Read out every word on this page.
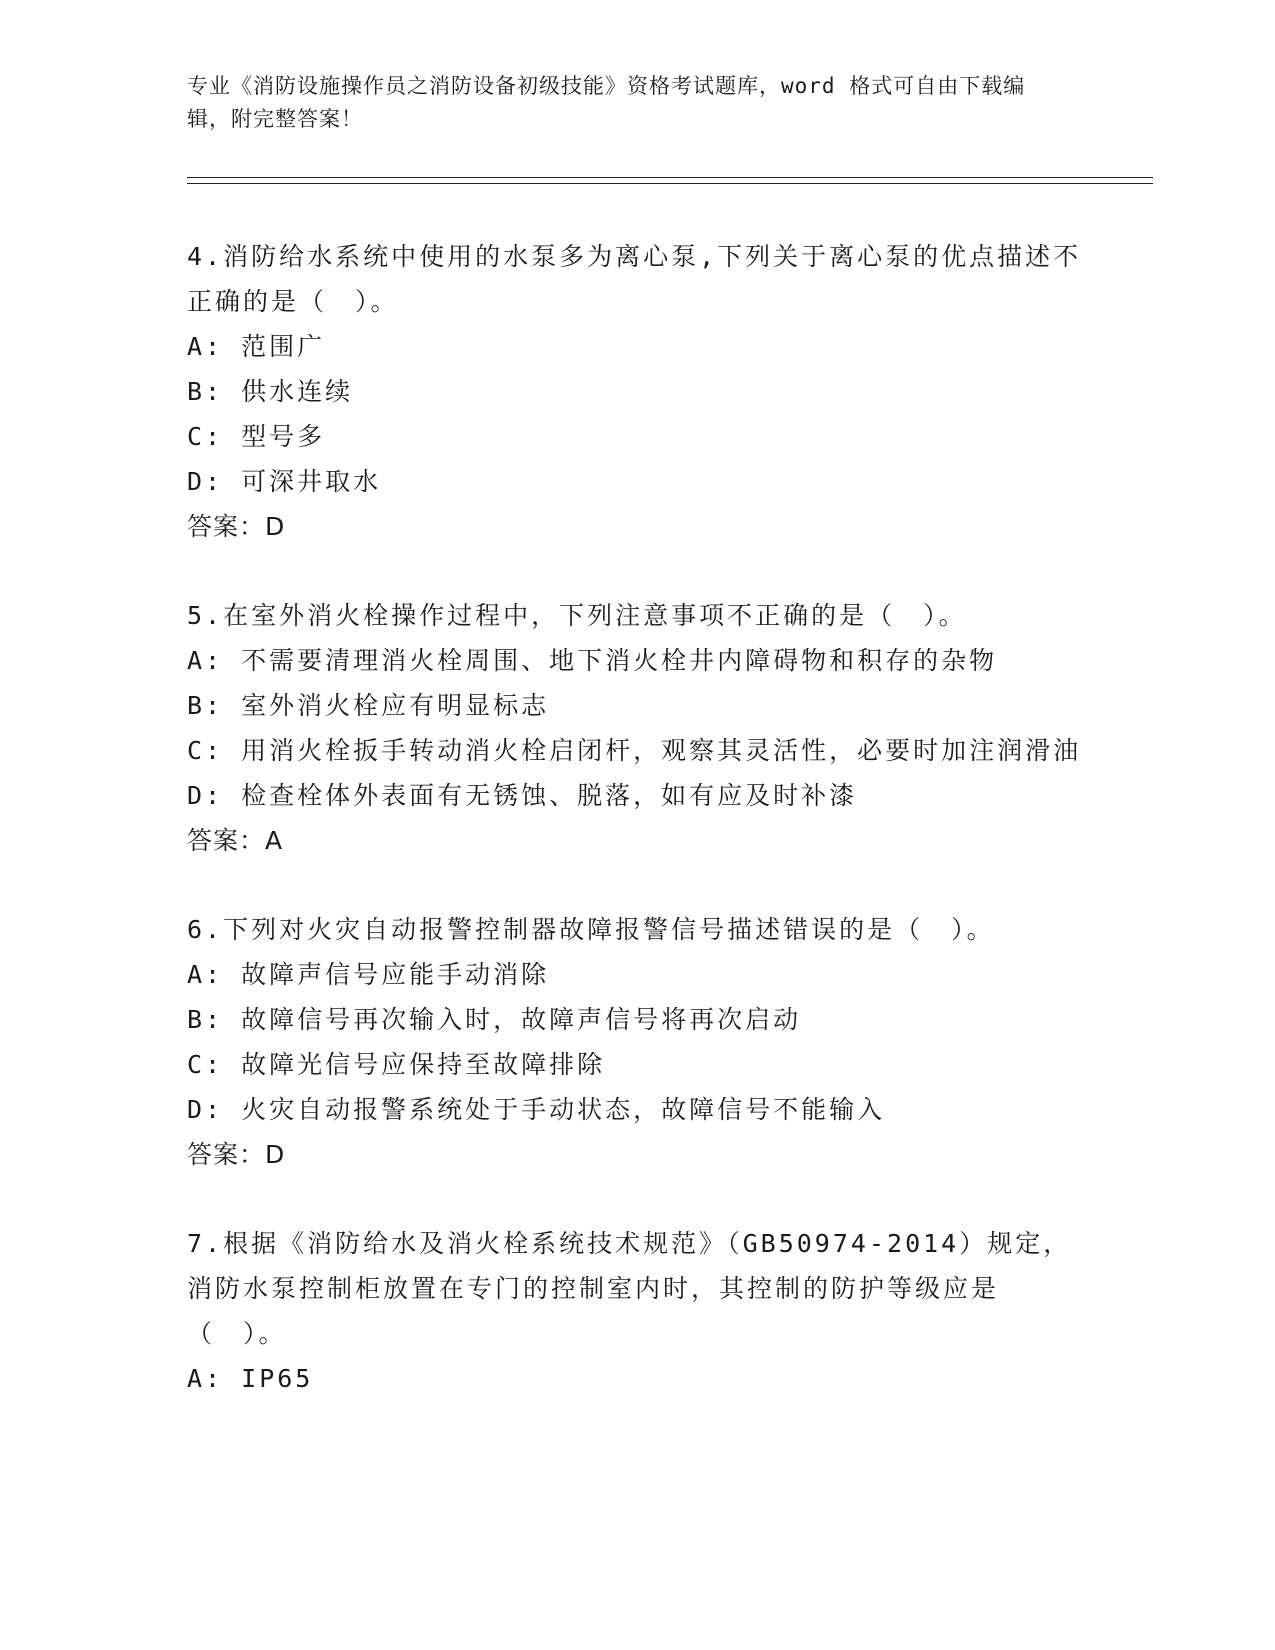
专业《消防设施操作员之消防设备初级技能》资格考试题库，word 格式可自由下载编辑，附完整答案！
4.消防给水系统中使用的水泵多为离心泵,下列关于离心泵的优点描述不正确的是（　）。
A: 范围广
B: 供水连续
C: 型号多
D: 可深井取水
答案：D
5.在室外消火栓操作过程中，下列注意事项不正确的是（　）。
A: 不需要清理消火栓周围、地下消火栓井内障碍物和积存的杂物
B: 室外消火栓应有明显标志
C: 用消火栓扳手转动消火栓启闭杆，观察其灵活性，必要时加注润滑油
D: 检查栓体外表面有无锈蚀、脱落，如有应及时补漆
答案：A
6.下列对火灾自动报警控制器故障报警信号描述错误的是（　）。
A: 故障声信号应能手动消除
B: 故障信号再次输入时，故障声信号将再次启动
C: 故障光信号应保持至故障排除
D: 火灾自动报警系统处于手动状态，故障信号不能输入
答案：D
7.根据《消防给水及消火栓系统技术规范》（GB50974-2014）规定，消防水泵控制柜放置在专门的控制室内时，其控制的防护等级应是（　）。
A: IP65
